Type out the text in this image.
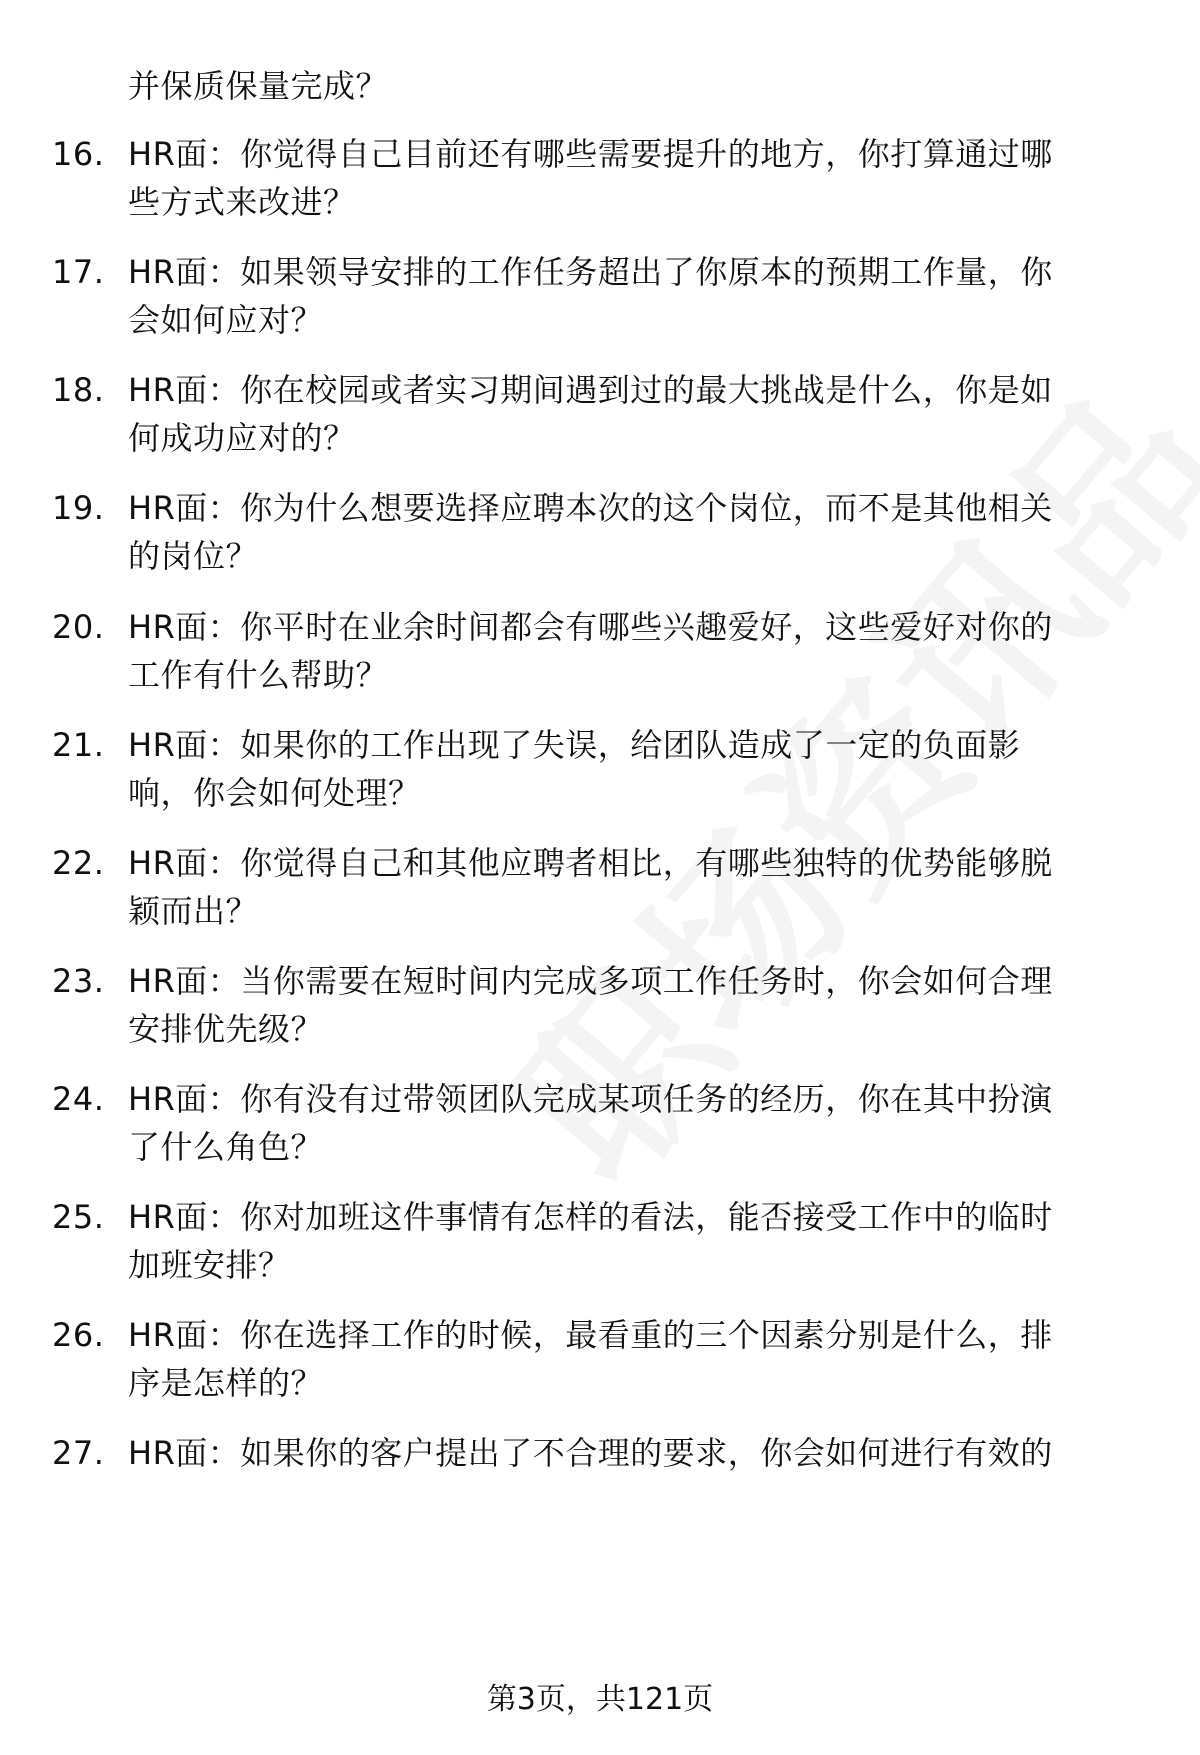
并保质保量完成？
16. HR面：你觉得自己目前还有哪些需要提升的地方，你打算通过哪
些方式来改进？
17. HR面：如果领导安排的工作任务超出了你原本的预期工作量，你
会如何应对？
18. HR面：你在校园或者实习期间遇到过的最大挑战是什么，你是如
何成功应对的？
19. HR面：你为什么想要选择应聘本次的这个岗位，而不是其他相关
的岗位？
20. HR面：你平时在业余时间都会有哪些兴趣爱好，这些爱好对你的
工作有什么帮助？
21. HR面：如果你的工作出现了失误，给团队造成了一定的负面影
响，你会如何处理？
22. HR面：你觉得自己和其他应聘者相比，有哪些独特的优势能够脱
颖而出？
23. HR面：当你需要在短时间内完成多项工作任务时，你会如何合理
安排优先级？
24. HR面：你有没有过带领团队完成某项任务的经历，你在其中扮演
了什么角色？
25. HR面：你对加班这件事情有怎样的看法，能否接受工作中的临时
加班安排？
26. HR面：你在选择工作的时候，最看重的三个因素分别是什么，排
序是怎样的？
27. HR面：如果你的客户提出了不合理的要求，你会如何进行有效的
第3页，共121页
